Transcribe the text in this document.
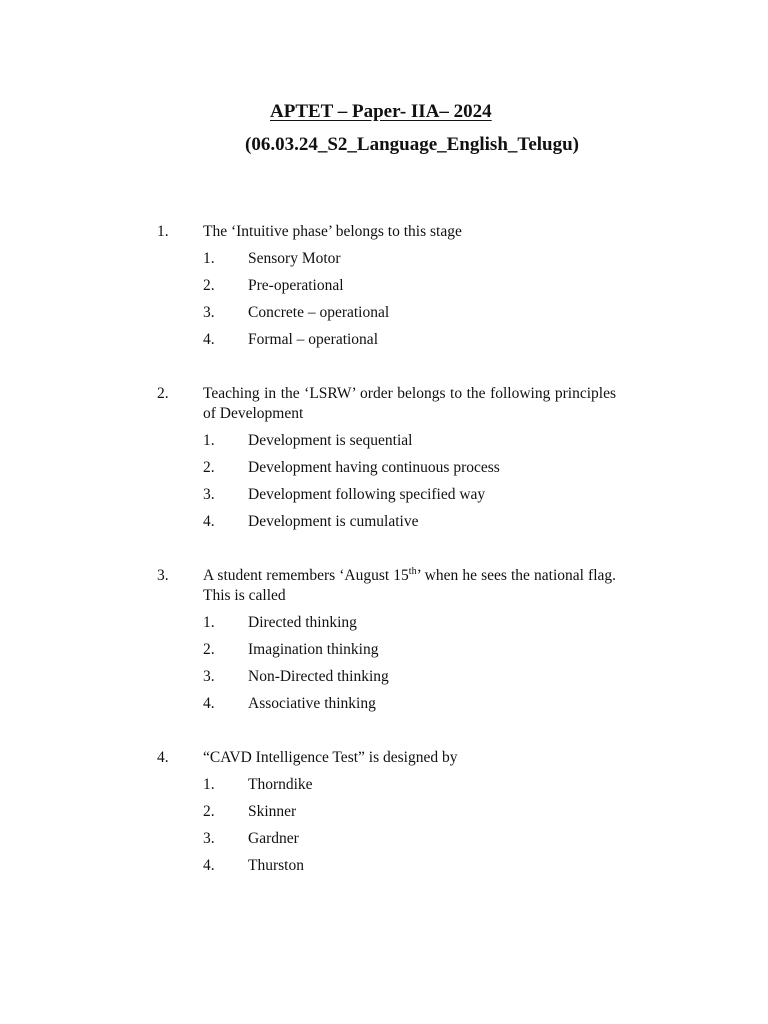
APTET – Paper- IIA– 2024
(06.03.24_S2_Language_English_Telugu)
1. The ‘Intuitive phase’ belongs to this stage
1. Sensory Motor
2. Pre-operational
3. Concrete – operational
4. Formal – operational
2. Teaching in the ‘LSRW’ order belongs to the following principles of Development
1. Development is sequential
2. Development having continuous process
3. Development following specified way
4. Development is cumulative
3. A student remembers ‘August 15th’ when he sees the national flag. This is called
1. Directed thinking
2. Imagination thinking
3. Non-Directed thinking
4. Associative thinking
4. “CAVD Intelligence Test” is designed by
1. Thorndike
2. Skinner
3. Gardner
4. Thurston
